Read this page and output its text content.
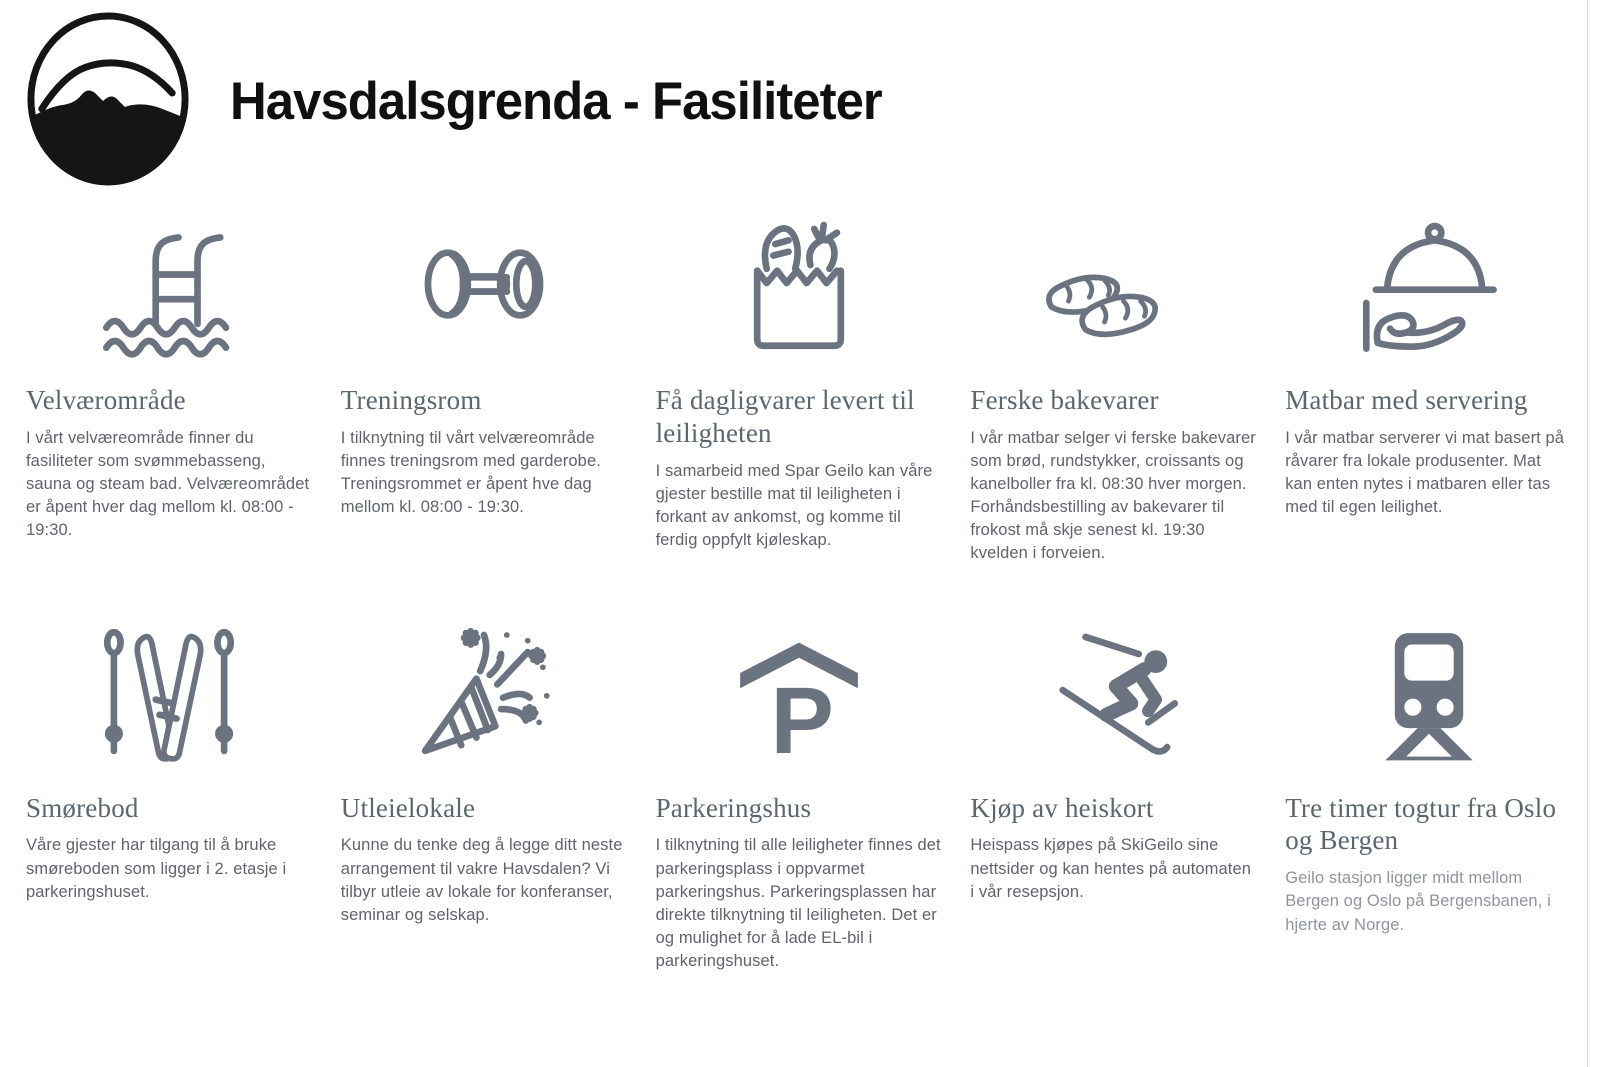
Havsdalsgrenda - Fasiliteter
Velværområde

I vårt velværeområde finner du fasiliteter som svømmebasseng, sauna og steam bad. Velværeområdet er åpent hver dag mellom kl. 08:00 - 19:30.

Treningsrom

I tilknytning til vårt velværeområde finnes treningsrom med garderobe. Treningsrommet er åpent hve dag mellom kl. 08:00 - 19:30.

Få dagligvarer levert til leiligheten

I samarbeid med Spar Geilo kan våre gjester bestille mat til leiligheten i forkant av ankomst, og komme til ferdig oppfylt kjøleskap.

Ferske bakevarer

I vår matbar selger vi ferske bakevarer som brød, rundstykker, croissants og kanelboller fra kl. 08:30 hver morgen. Forhåndsbestilling av bakevarer til frokost må skje senest kl. 19:30 kvelden i forveien.

Matbar med servering

I vår matbar serverer vi mat basert på råvarer fra lokale produsenter. Mat kan enten nytes i matbaren eller tas med til egen leilighet.

Smørebod

Våre gjester har tilgang til å bruke smøreboden som ligger i 2. etasje i parkeringshuset.

Utleielokale

Kunne du tenke deg å legge ditt neste arrangement til vakre Havsdalen? Vi tilbyr utleie av lokale for konferanser, seminar og selskap.

P
Parkeringshus

I tilknytning til alle leiligheter finnes det parkeringsplass i oppvarmet parkeringshus. Parkeringsplassen har direkte tilknytning til leiligheten. Det er og mulighet for å lade EL-bil i parkeringshuset.

Kjøp av heiskort

Heispass kjøpes på SkiGeilo sine nettsider og kan hentes på automaten i vår resepsjon.

Tre timer togtur fra Oslo og Bergen

Geilo stasjon ligger midt mellom Bergen og Oslo på Bergensbanen, i hjerte av Norge.
